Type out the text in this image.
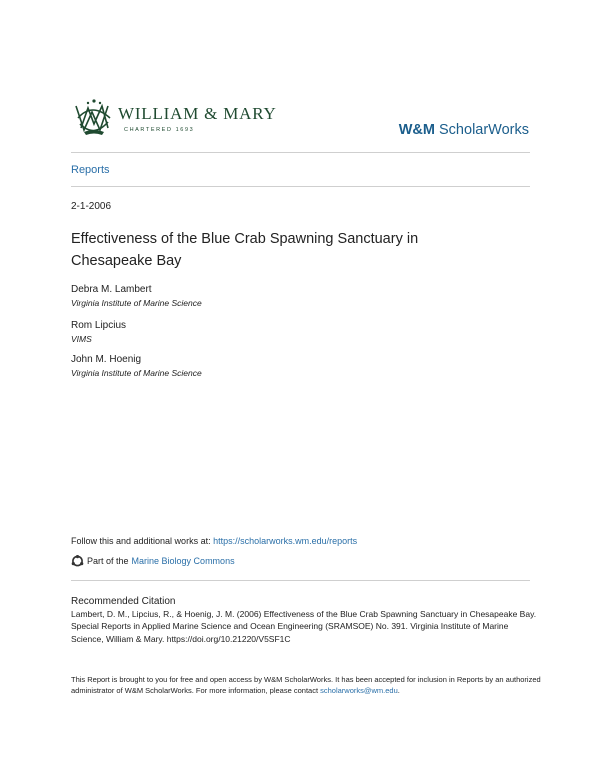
WILLIAM & MARY
CHARTERED 1693	W&M ScholarWorks
Reports
2-1-2006
Effectiveness of the Blue Crab Spawning Sanctuary in Chesapeake Bay
Debra M. Lambert
Virginia Institute of Marine Science
Rom Lipcius
VIMS
John M. Hoenig
Virginia Institute of Marine Science
Follow this and additional works at: https://scholarworks.wm.edu/reports
Part of the Marine Biology Commons
Recommended Citation
Lambert, D. M., Lipcius, R., & Hoenig, J. M. (2006) Effectiveness of the Blue Crab Spawning Sanctuary in Chesapeake Bay. Special Reports in Applied Marine Science and Ocean Engineering (SRAMSOE) No. 391. Virginia Institute of Marine Science, William & Mary. https://doi.org/10.21220/V5SF1C
This Report is brought to you for free and open access by W&M ScholarWorks. It has been accepted for inclusion in Reports by an authorized administrator of W&M ScholarWorks. For more information, please contact scholarworks@wm.edu.
